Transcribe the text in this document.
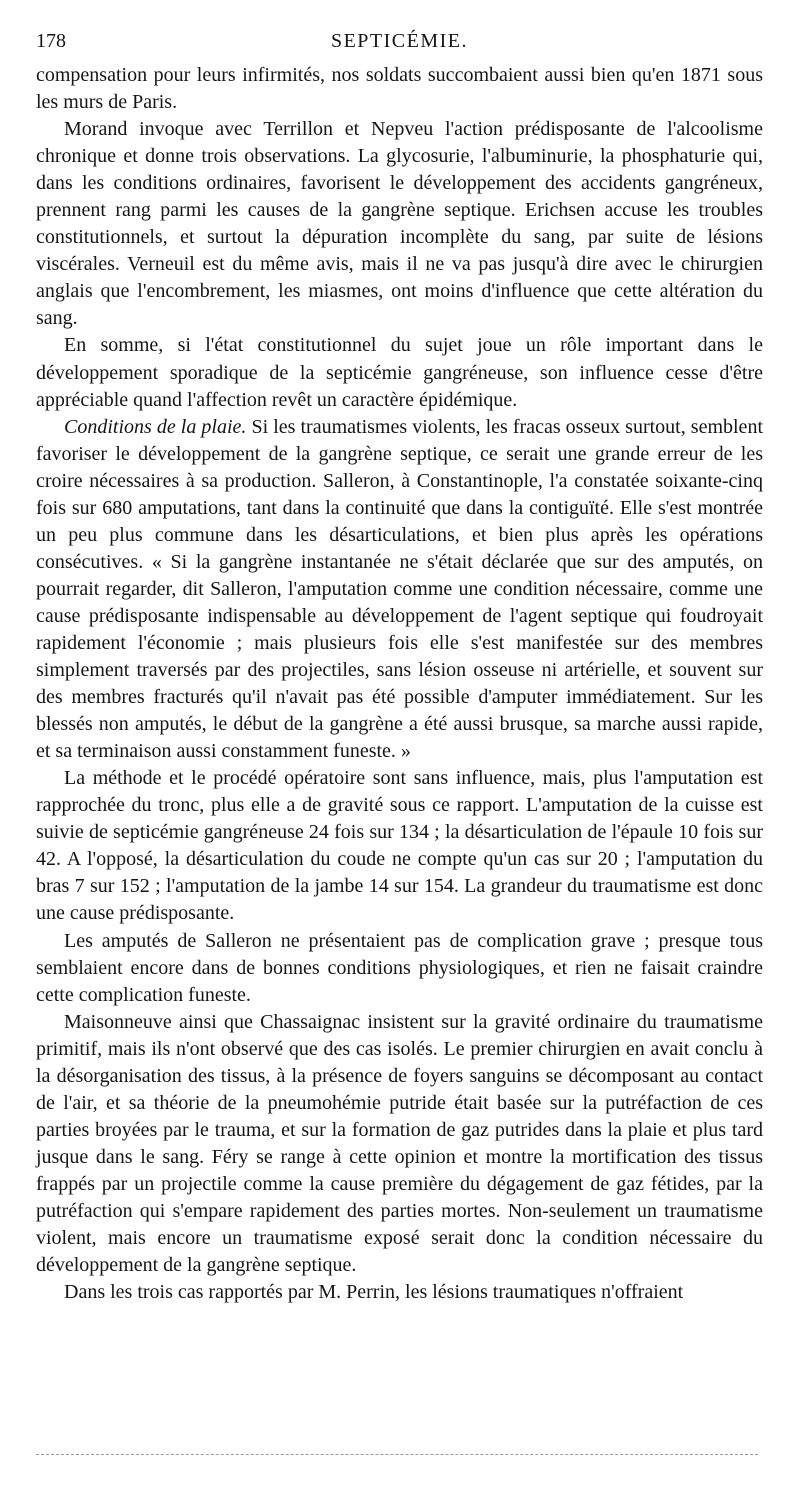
178	SEPTICÉMIE.

compensation pour leurs infirmités, nos soldats succombaient aussi bien qu'en 1871 sous les murs de Paris.

Morand invoque avec Terrillon et Nepveu l'action prédisposante de l'alcoolisme chronique et donne trois observations. La glycosurie, l'albuminurie, la phosphaturie qui, dans les conditions ordinaires, favorisent le développement des accidents gangréneux, prennent rang parmi les causes de la gangrène septique. Erichsen accuse les troubles constitutionnels, et surtout la dépuration incomplète du sang, par suite de lésions viscérales. Verneuil est du même avis, mais il ne va pas jusqu'à dire avec le chirurgien anglais que l'encombrement, les miasmes, ont moins d'influence que cette altération du sang.

En somme, si l'état constitutionnel du sujet joue un rôle important dans le développement sporadique de la septicémie gangréneuse, son influence cesse d'être appréciable quand l'affection revêt un caractère épidémique.

Conditions de la plaie. Si les traumatismes violents, les fracas osseux surtout, semblent favoriser le développement de la gangrène septique, ce serait une grande erreur de les croire nécessaires à sa production. Salleron, à Constantinople, l'a constatée soixante-cinq fois sur 680 amputations, tant dans la continuité que dans la contiguïté. Elle s'est montrée un peu plus commune dans les désarticulations, et bien plus après les opérations consécutives. « Si la gangrène instantanée ne s'était déclarée que sur des amputés, on pourrait regarder, dit Salleron, l'amputation comme une condition nécessaire, comme une cause prédisposante indispensable au développement de l'agent septique qui foudroyait rapidement l'économie ; mais plusieurs fois elle s'est manifestée sur des membres simplement traversés par des projectiles, sans lésion osseuse ni artérielle, et souvent sur des membres fracturés qu'il n'avait pas été possible d'amputer immédiatement. Sur les blessés non amputés, le début de la gangrène a été aussi brusque, sa marche aussi rapide, et sa terminaison aussi constamment funeste. »

La méthode et le procédé opératoire sont sans influence, mais, plus l'amputation est rapprochée du tronc, plus elle a de gravité sous ce rapport. L'amputation de la cuisse est suivie de septicémie gangréneuse 24 fois sur 134 ; la désarticulation de l'épaule 10 fois sur 42. A l'opposé, la désarticulation du coude ne compte qu'un cas sur 20 ; l'amputation du bras 7 sur 152 ; l'amputation de la jambe 14 sur 154. La grandeur du traumatisme est donc une cause prédisposante.

Les amputés de Salleron ne présentaient pas de complication grave ; presque tous semblaient encore dans de bonnes conditions physiologiques, et rien ne faisait craindre cette complication funeste.

Maisonneuve ainsi que Chassaignac insistent sur la gravité ordinaire du traumatisme primitif, mais ils n'ont observé que des cas isolés. Le premier chirurgien en avait conclu à la désorganisation des tissus, à la présence de foyers sanguins se décomposant au contact de l'air, et sa théorie de la pneumohémie putride était basée sur la putréfaction de ces parties broyées par le trauma, et sur la formation de gaz putrides dans la plaie et plus tard jusque dans le sang. Féry se range à cette opinion et montre la mortification des tissus frappés par un projectile comme la cause première du dégagement de gaz fétides, par la putréfaction qui s'empare rapidement des parties mortes. Non-seulement un traumatisme violent, mais encore un traumatisme exposé serait donc la condition nécessaire du développement de la gangrène septique.

Dans les trois cas rapportés par M. Perrin, les lésions traumatiques n'offraient
